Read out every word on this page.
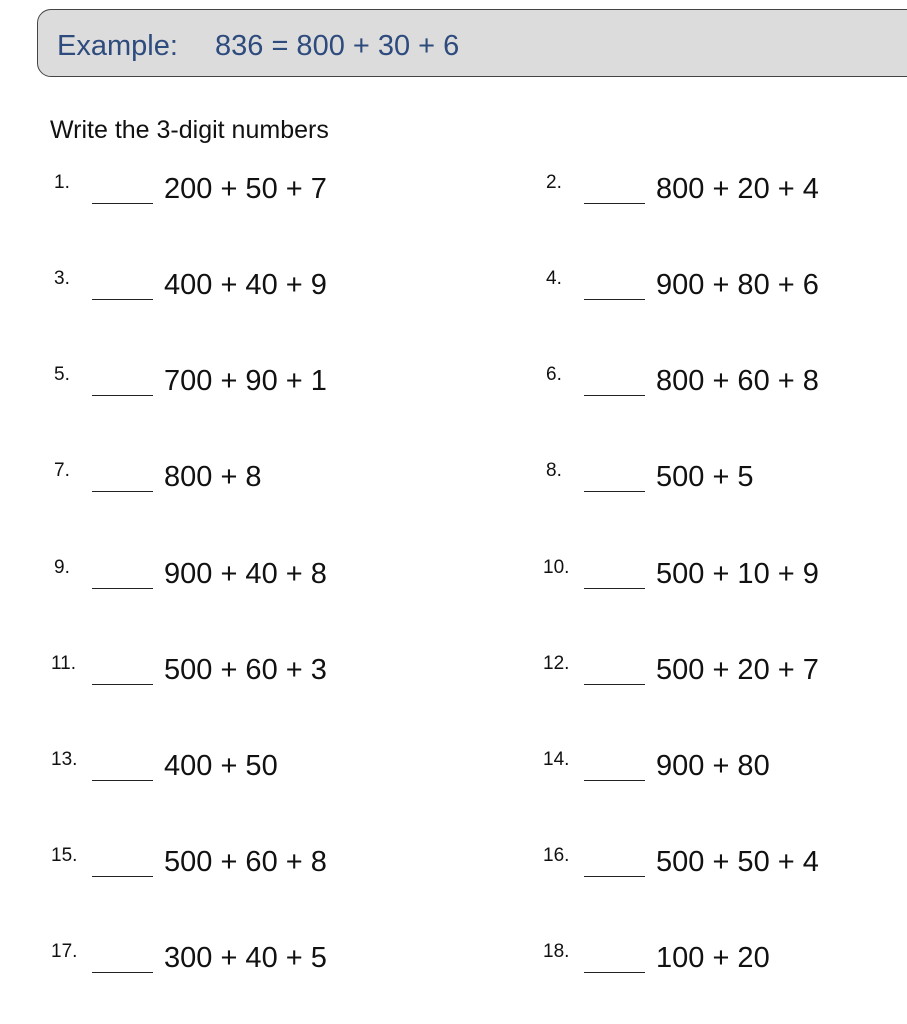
Example: 836 = 800 + 30 + 6
Write the 3-digit numbers
1.	200 + 50 + 7	2.	800 + 20 + 4
3.	400 + 40 + 9	4.	900 + 80 + 6
5.	700 + 90 + 1	6.	800 + 60 + 8
7.	800 + 8	8.	500 + 5
9.	900 + 40 + 8	10.	500 + 10 + 9
11.	500 + 60 + 3	12.	500 + 20 + 7
13.	400 + 50	14.	900 + 80
15.	500 + 60 + 8	16.	500 + 50 + 4
17.	300 + 40 + 5	18.	100 + 20
